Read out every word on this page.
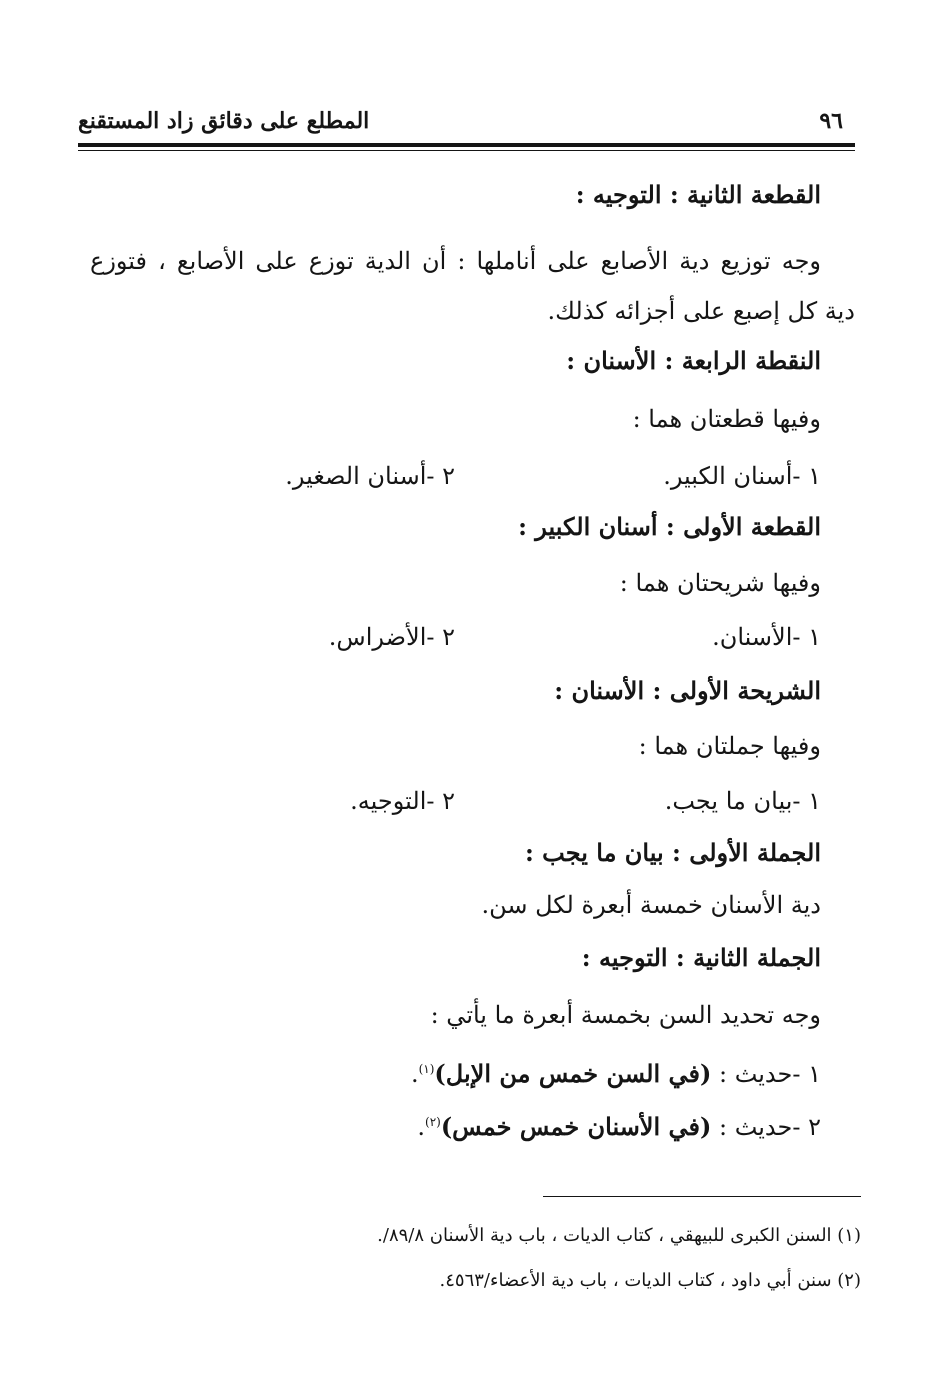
٩٦
المطلع على دقائق زاد المستقنع
القطعة الثانية : التوجيه :
وجه توزيع دية الأصابع على أناملها : أن الدية توزع على الأصابع ، فتوزع
دية كل إصبع على أجزائه كذلك.
النقطة الرابعة : الأسنان :
وفيها قطعتان هما :
١ -أسنان الكبير.
٢ -أسنان الصغير.
القطعة الأولى : أسنان الكبير :
وفيها شريحتان هما :
١ -الأسنان.
٢ -الأضراس.
الشريحة الأولى : الأسنان :
وفيها جملتان هما :
١ -بيان ما يجب.
٢ -التوجيه.
الجملة الأولى : بيان ما يجب :
دية الأسنان خمسة أبعرة لكل سن.
الجملة الثانية : التوجيه :
وجه تحديد السن بخمسة أبعرة ما يأتي :
١ -حديث : (في السن خمس من الإبل)$^{(١)}$.
٢ -حديث : (في الأسنان خمس خمس)$^{(٢)}$.
(١) السنن الكبرى للبيهقي ، كتاب الديات ، باب دية الأسنان ٨٩/٨/.
(٢) سنن أبي داود ، كتاب الديات ، باب دية الأعضاء/٤٥٦٣.
